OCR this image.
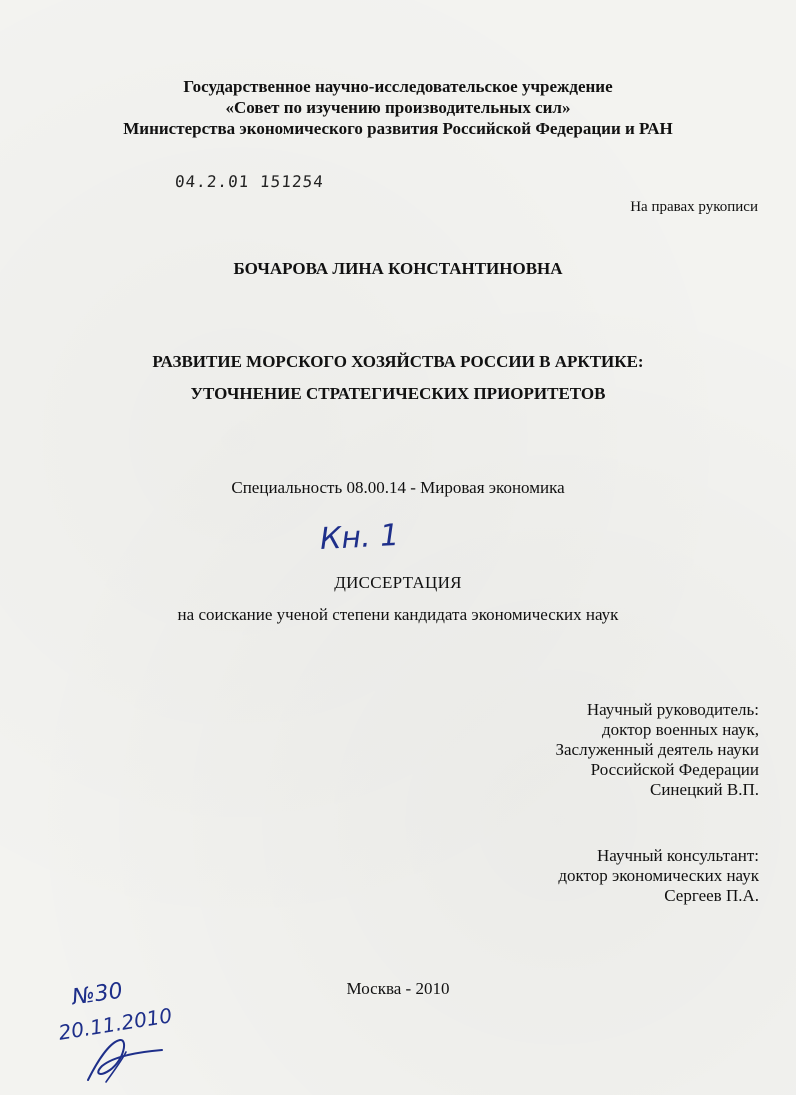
Государственное научно-исследовательское учреждение
«Совет по изучению производительных сил»
Министерства экономического развития Российской Федерации и РАН
04.2.01 151254
На правах рукописи
БОЧАРОВА ЛИНА КОНСТАНТИНОВНА
РАЗВИТИЕ МОРСКОГО ХОЗЯЙСТВА РОССИИ В АРКТИКЕ:
УТОЧНЕНИЕ СТРАТЕГИЧЕСКИХ ПРИОРИТЕТОВ
Специальность 08.00.14 - Мировая экономика
Кн. 1
ДИССЕРТАЦИЯ
на соискание ученой степени кандидата экономических наук
Научный руководитель:
доктор военных наук,
Заслуженный деятель науки
Российской Федерации
Синецкий В.П.
Научный консультант:
доктор экономических наук
Сергеев П.А.
Москва - 2010
№30
20.11.2010
